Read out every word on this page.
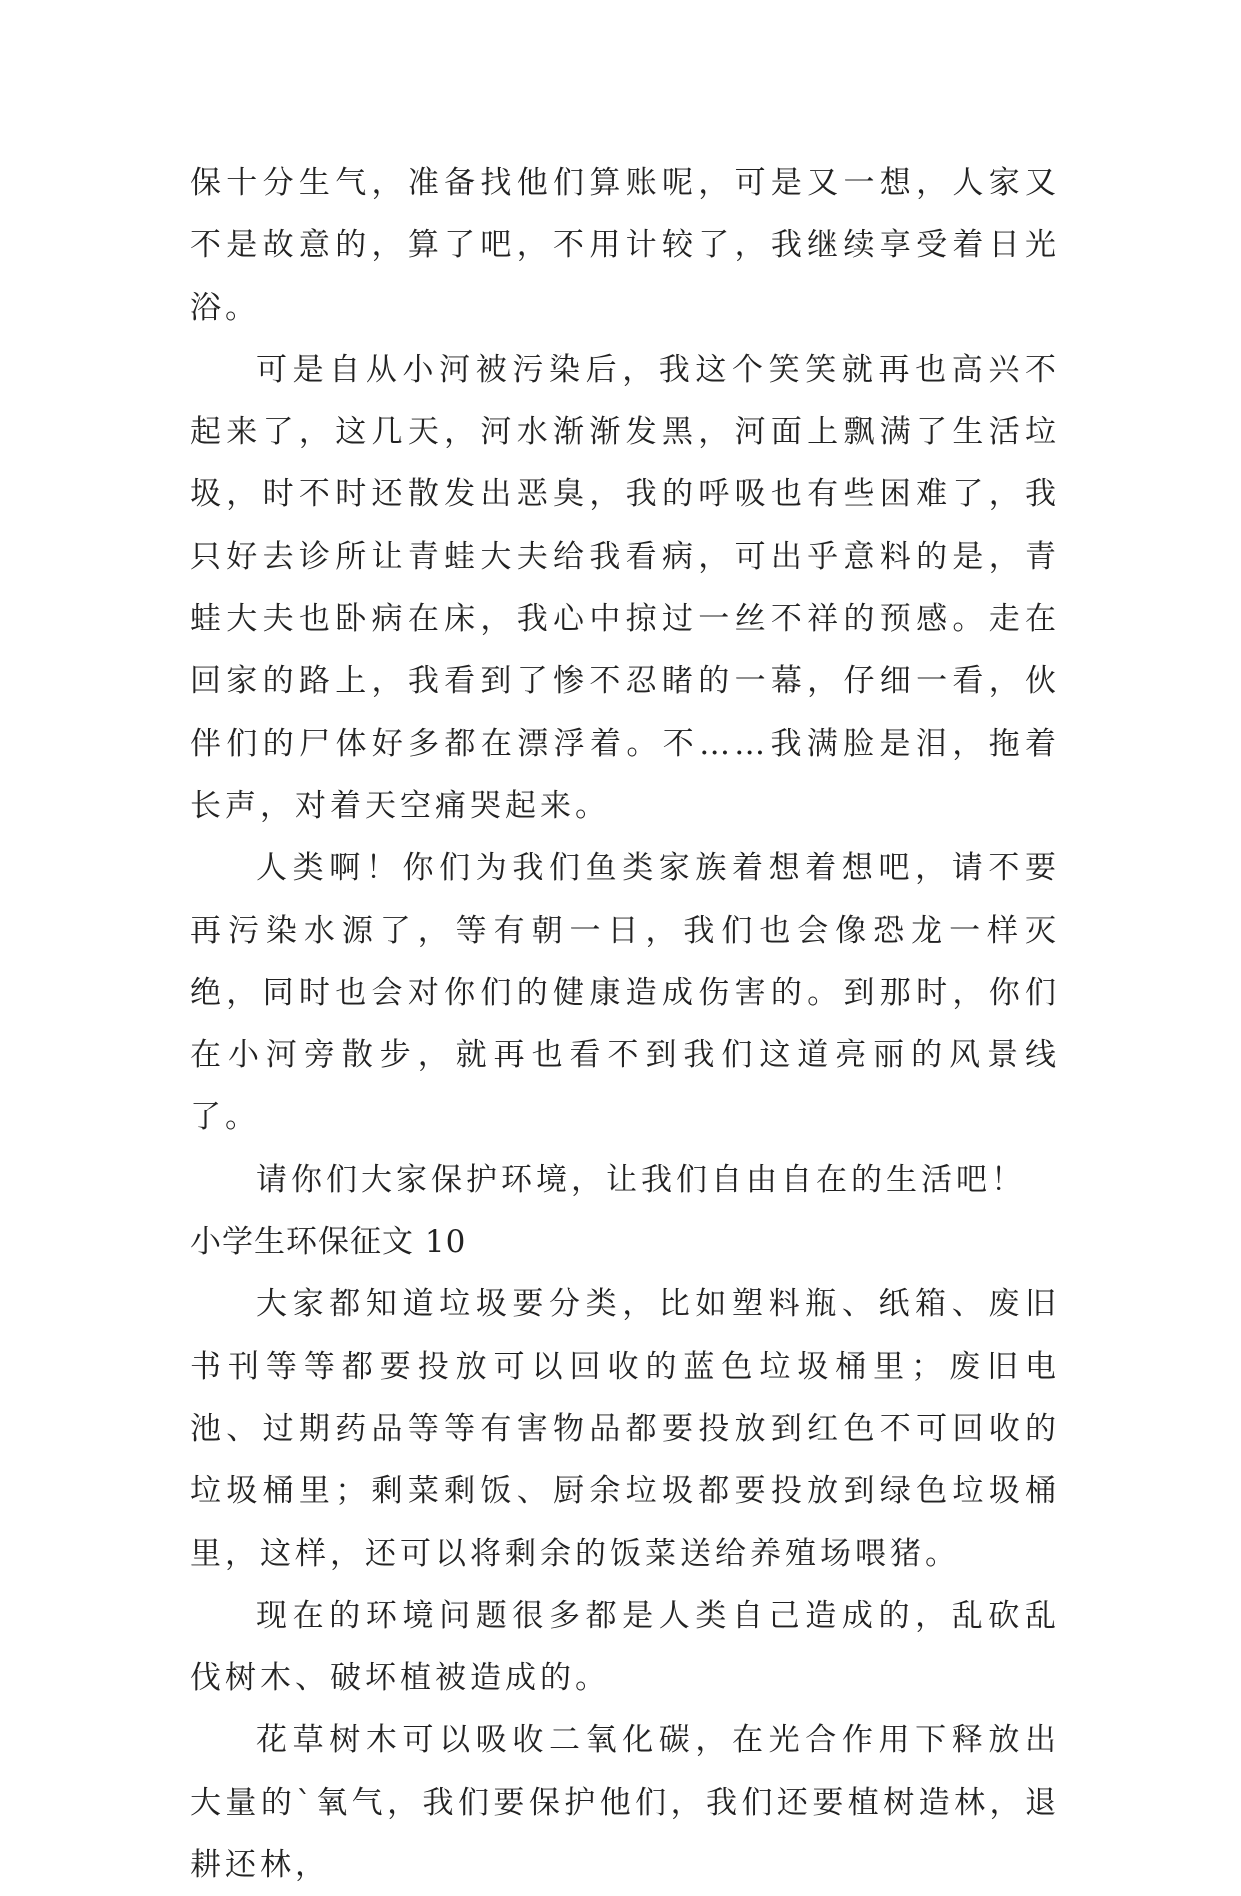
保十分生气，准备找他们算账呢，可是又一想，人家又不是故意的，算了吧，不用计较了，我继续享受着日光浴。

可是自从小河被污染后，我这个笑笑就再也高兴不起来了，这几天，河水渐渐发黑，河面上飘满了生活垃圾，时不时还散发出恶臭，我的呼吸也有些困难了，我只好去诊所让青蛙大夫给我看病，可出乎意料的是，青蛙大夫也卧病在床，我心中掠过一丝不祥的预感。走在回家的路上，我看到了惨不忍睹的一幕，仔细一看，伙伴们的尸体好多都在漂浮着。不……我满脸是泪，拖着长声，对着天空痛哭起来。

人类啊！你们为我们鱼类家族着想着想吧，请不要再污染水源了，等有朝一日，我们也会像恐龙一样灭绝，同时也会对你们的健康造成伤害的。到那时，你们在小河旁散步，就再也看不到我们这道亮丽的风景线了。

请你们大家保护环境，让我们自由自在的生活吧！

小学生环保征文 10

大家都知道垃圾要分类，比如塑料瓶、纸箱、废旧书刊等等都要投放可以回收的蓝色垃圾桶里；废旧电池、过期药品等等有害物品都要投放到红色不可回收的垃圾桶里；剩菜剩饭、厨余垃圾都要投放到绿色垃圾桶里，这样，还可以将剩余的饭菜送给养殖场喂猪。

现在的环境问题很多都是人类自己造成的，乱砍乱伐树木、破坏植被造成的。

花草树木可以吸收二氧化碳，在光合作用下释放出大量的`氧气，我们要保护他们，我们还要植树造林，退耕还林，
